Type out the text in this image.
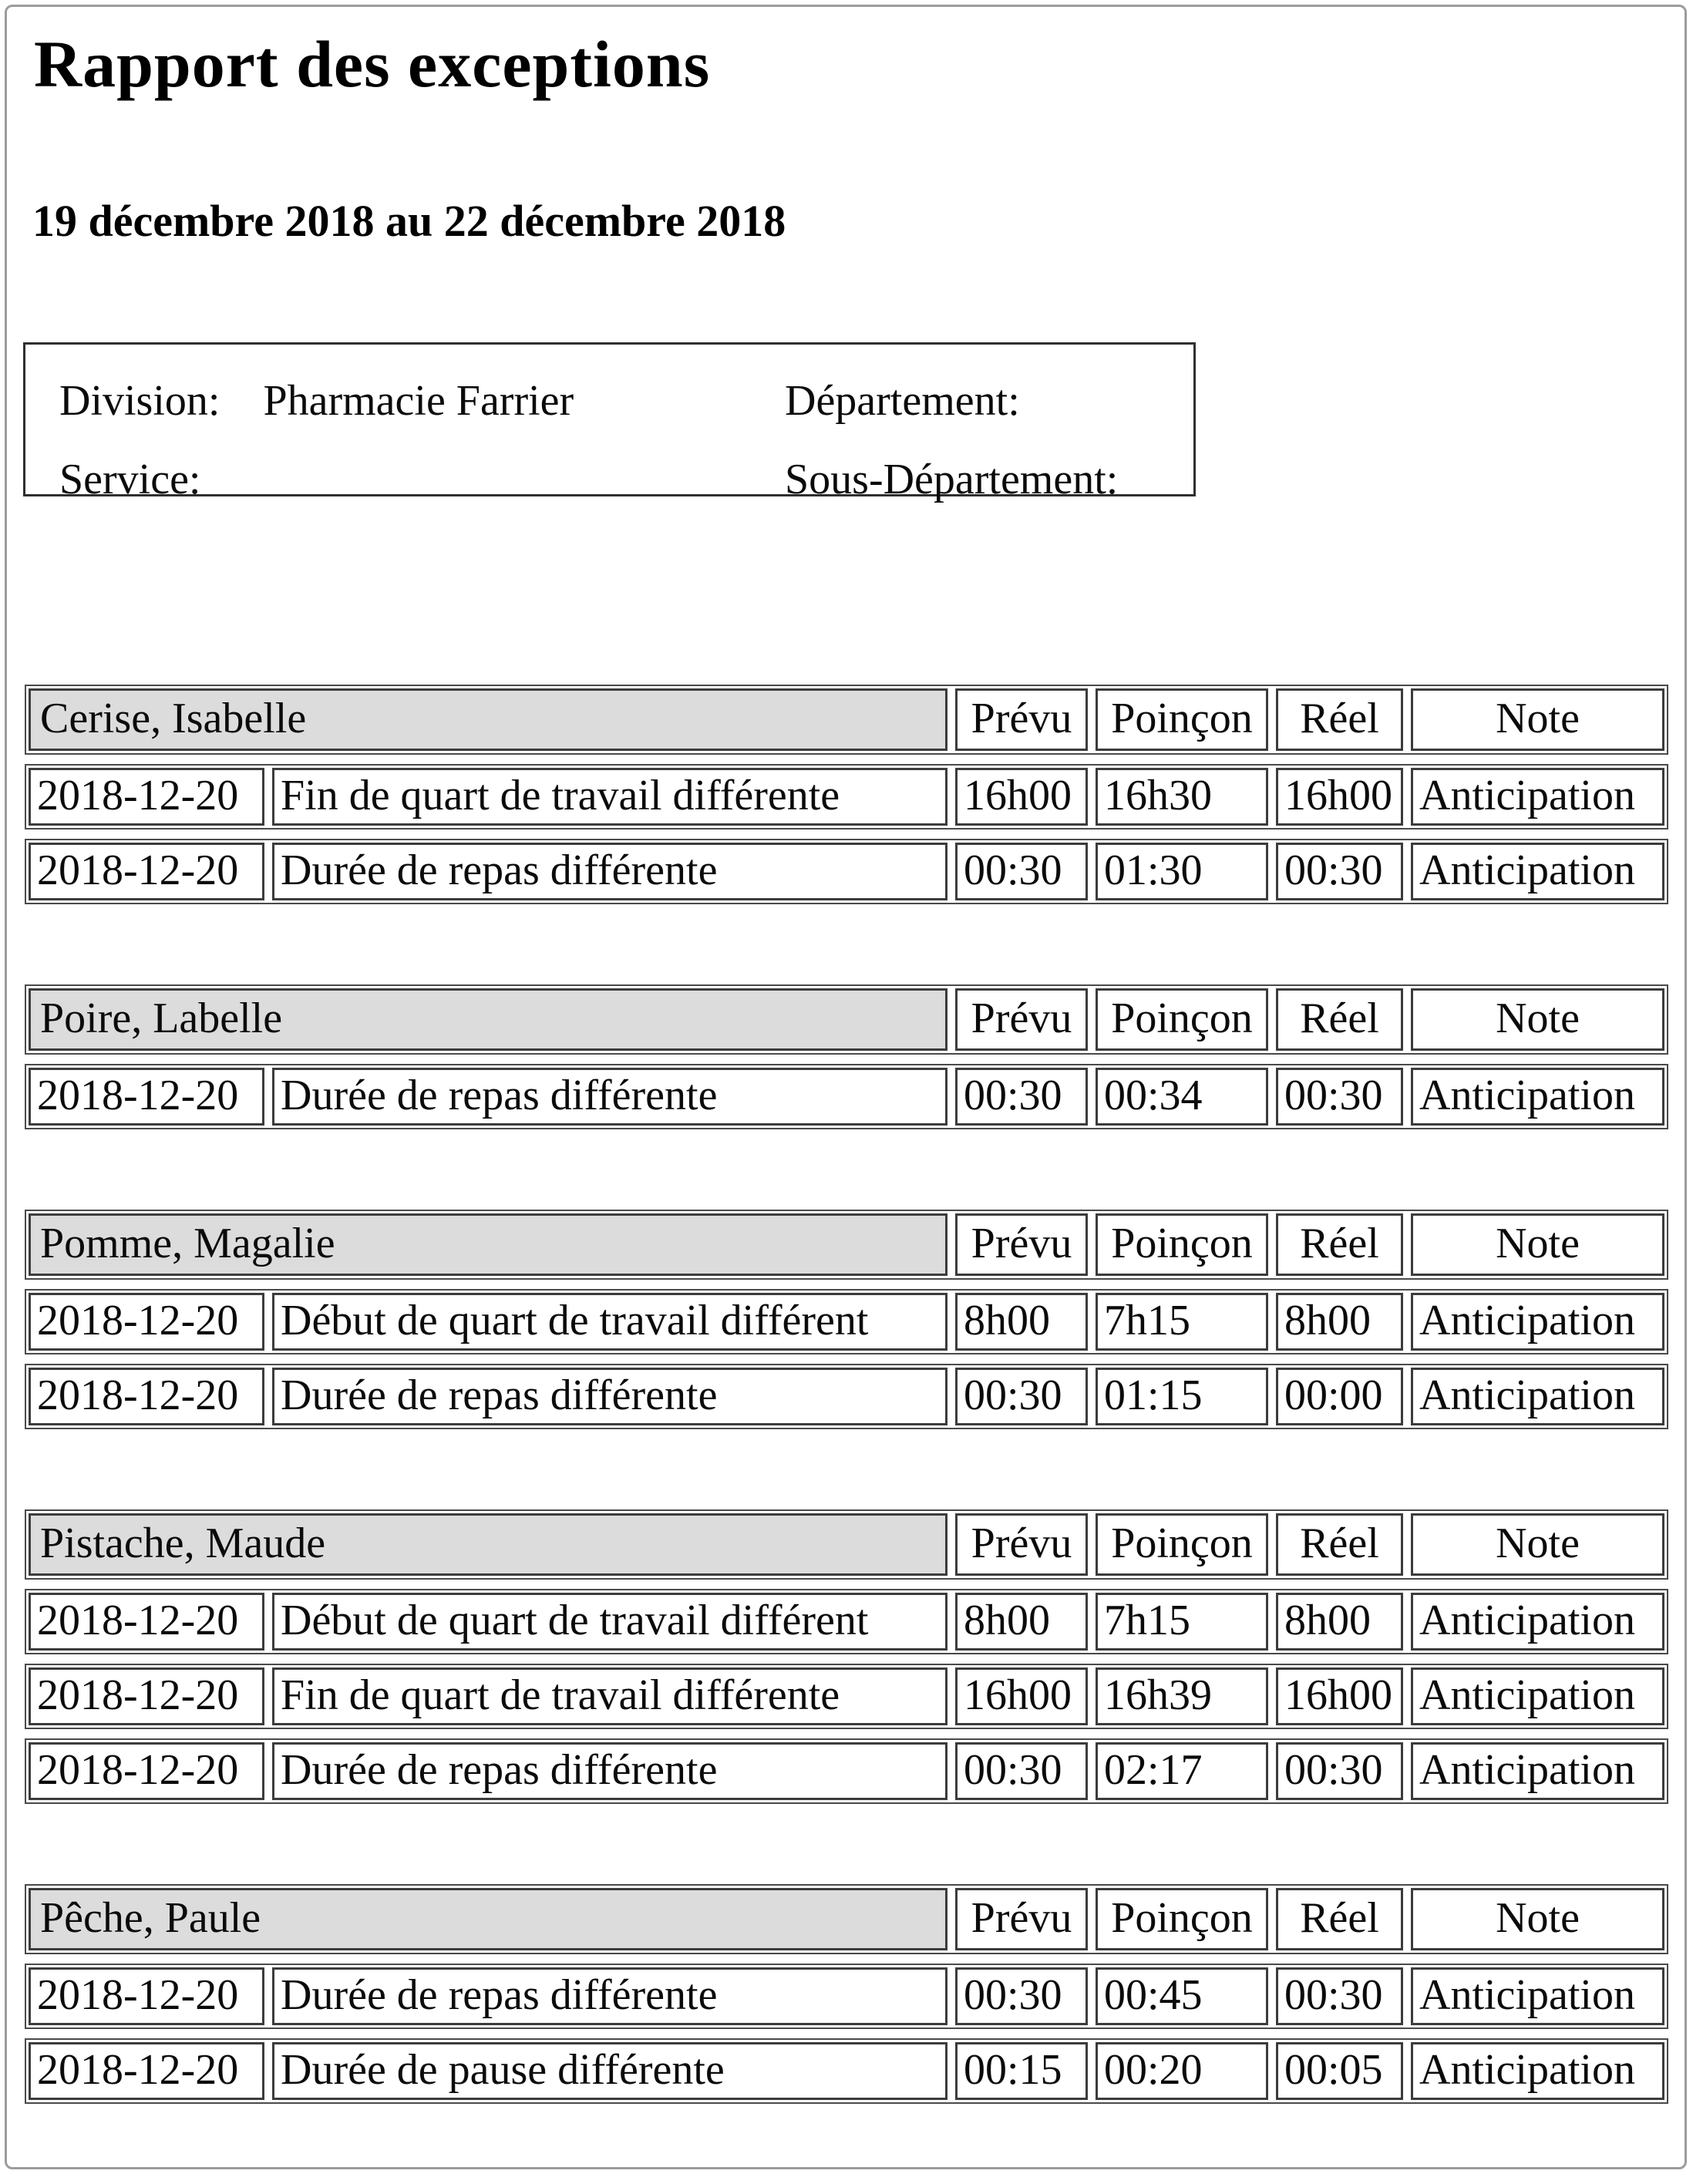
Rapport des exceptions
19 décembre 2018 au 22 décembre 2018
Division: Pharmacie Farrier	Département:
Service:	Sous-Département:
Cerise, Isabelle	Prévu Poinçon	Réel	Note
2018-12-20 Fin de quart de travail différente	16h00 16h30	16h00 Anticipation
2018-12-20 Durée de repas différente	00:30 01:30	00:30 Anticipation
Poire, Labelle	Prévu Poinçon	Réel	Note
2018-12-20 Durée de repas différente	00:30 00:34	00:30 Anticipation
Pomme, Magalie	Prévu Poinçon	Réel	Note
2018-12-20 Début de quart de travail différent	8h00	7h15	8h00	Anticipation
2018-12-20 Durée de repas différente	00:30 01:15	00:00 Anticipation
Pistache, Maude	Prévu Poinçon	Réel	Note
2018-12-20 Début de quart de travail différent	8h00	7h15	8h00	Anticipation
2018-12-20 Fin de quart de travail différente	16h00 16h39	16h00 Anticipation
2018-12-20 Durée de repas différente	00:30 02:17	00:30 Anticipation
Pêche, Paule	Prévu Poinçon	Réel	Note
2018-12-20 Durée de repas différente	00:30 00:45	00:30 Anticipation
2018-12-20 Durée de pause différente	00:15 00:20	00:05 Anticipation
